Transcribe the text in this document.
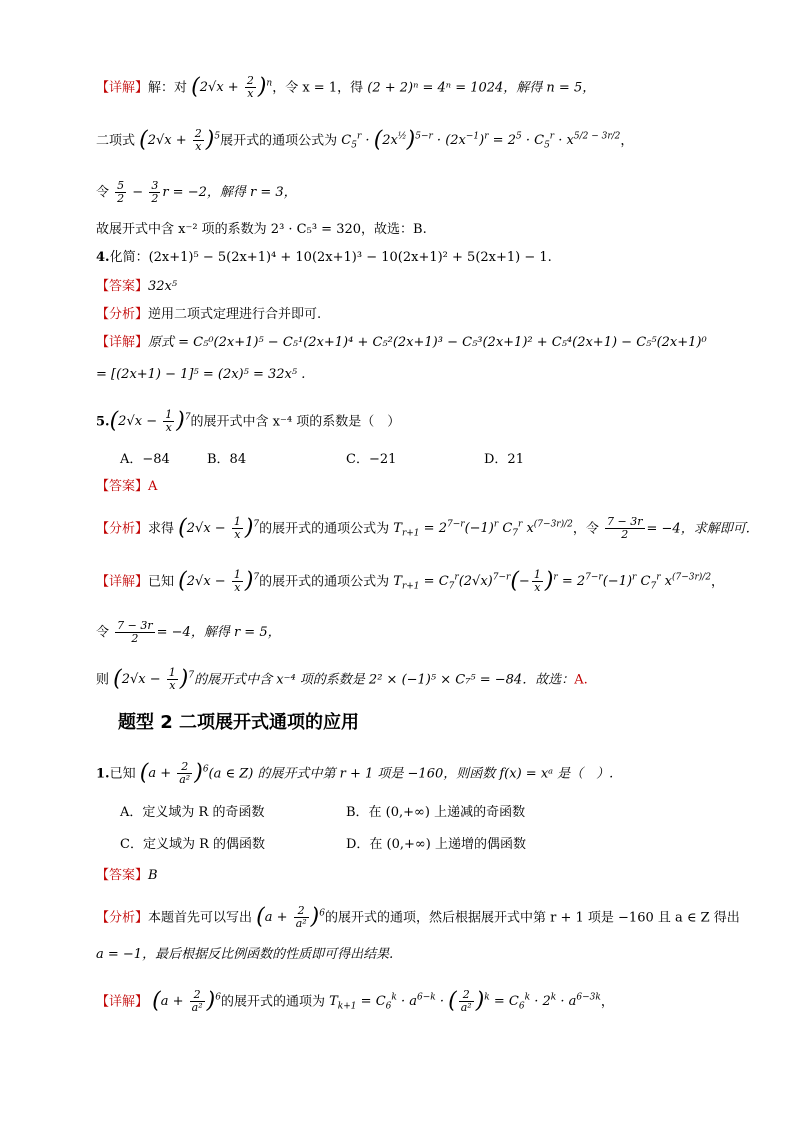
【详解】解：对 $(2√x + \frac{2}{x} )^n$，令 x = 1，得 (2 + 2)ⁿ = 4ⁿ = 1024，解得 n = 5，
二项式 $(2√x + \frac{2}{x} )^5$展开式的通项公式为 $C_5^r \cdot (2x^{\frac{1}{2}})^{5-r} \cdot (2x^{-1})^r = 2^5 \cdot C_5^r \cdot x^{5/2 - 3r/2}$，
令 $\frac{5}{2} - \frac{3}{2}$ r = −2，解得 r = 3，
故展开式中含 x⁻² 项的系数为 2³ · C₅³ = 320，故选：B.
4.化简：(2x+1)⁵ − 5(2x+1)⁴ + 10(2x+1)³ − 10(2x+1)² + 5(2x+1) − 1.
【答案】32x⁵
【分析】逆用二项式定理进行合并即可.
【详解】原式 = C₅⁰(2x+1)⁵ − C₅¹(2x+1)⁴ + C₅²(2x+1)³ − C₅³(2x+1)² + C₅⁴(2x+1) − C₅⁵(2x+1)⁰
= [(2x+1) − 1]⁵ = (2x)⁵ = 32x⁵ .
$5.(2√x - \frac{1}{x} )^7$的展开式中含 x⁻⁴ 项的系数是（　）
A．−84	B．84	C．−21	D．21
【答案】A
【分析】求得 $(2√x - \frac{1}{x} )^7$的展开式的通项公式为 $T_{r+1} = 2^{7-r}(-1)^r$ $C_7^r$ $x^{(7-3r)/2}$，令 $\frac{7 - 3r}{2} = -4$，求解即可.
【详解】已知 $(2√x - \frac{1}{x} )^7$的展开式的通项公式为 $T_{r+1} = C_7^r(2√x)^{7-r}(- \frac{1}{x} )^r = 2^{7-r}(-1)^r$ $C_7^r$ $x^{(7-3r)/2}$，
令 $\frac{7 - 3r}{2} = -4$，解得 r = 5，
则 $(2√x - \frac{1}{x} )^7$的展开式中含 x⁻⁴ 项的系数是 2² × (−1)⁵ × C₇⁵ = −84．故选：A.
题型 2 二项展开式通项的应用
1.已知 $(a + \frac{2}{\text{a²}} )^6(a$ ∈ Z) 的展开式中第 r + 1 项是 −160，则函数 f(x) = xᵃ 是（　）.
A．定义域为 R 的奇函数	B．在 (0,+∞) 上递减的奇函数
C．定义域为 R 的偶函数	D．在 (0,+∞) 上递增的偶函数
【答案】B
【分析】本题首先可以写出 $(a + \frac{2}{\text{a²}} )^6$的展开式的通项，然后根据展开式中第 r + 1 项是 −160 且 a ∈ Z 得出
a = −1，最后根据反比例函数的性质即可得出结果.
【详解】 $(a + \frac{2}{\text{a²}} )^6$的展开式的通项为 $T_{k+1} = C_6^k \cdot a^{6-k}$ · ( $\frac{2}{\text{a²}} )^k = C_6^k \cdot 2^k \cdot a^{6-3k}$，
